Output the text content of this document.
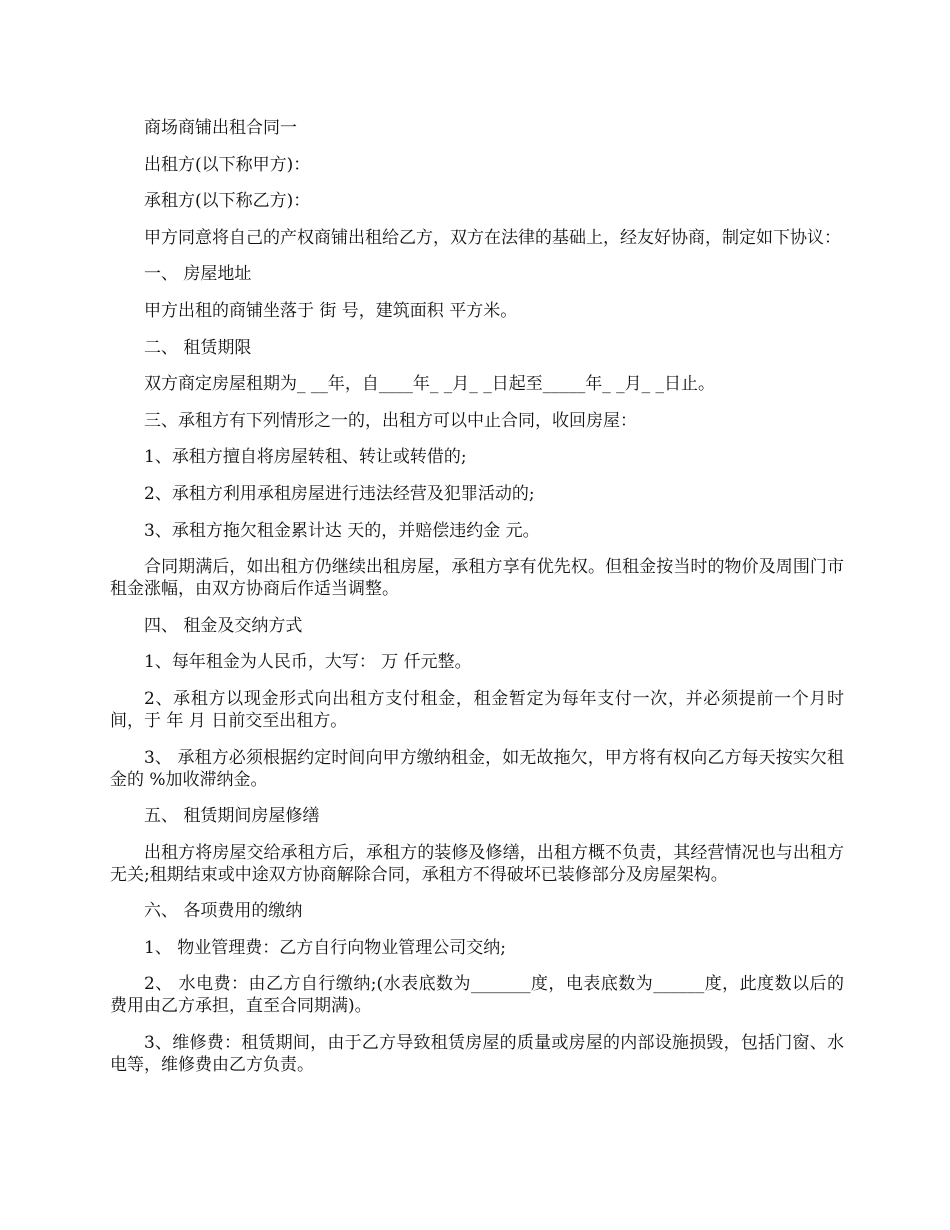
商场商铺出租合同一

出租方(以下称甲方)：

承租方(以下称乙方)：

甲方同意将自己的产权商铺出租给乙方，双方在法律的基础上，经友好协商，制定如下协议：

一、 房屋地址

甲方出租的商铺坐落于 街 号，建筑面积 平方米。

二、 租赁期限

双方商定房屋租期为_ __年，自____年_ _月_ _日起至_____年_ _月_ _日止。

三、承租方有下列情形之一的，出租方可以中止合同，收回房屋：

1、承租方擅自将房屋转租、转让或转借的;

2、承租方利用承租房屋进行违法经营及犯罪活动的;

3、承租方拖欠租金累计达 天的，并赔偿违约金 元。

合同期满后，如出租方仍继续出租房屋，承租方享有优先权。但租金按当时的物价及周围门市租金涨幅，由双方协商后作适当调整。

四、 租金及交纳方式

1、每年租金为人民币，大写： 万 仟元整。

2、承租方以现金形式向出租方支付租金，租金暂定为每年支付一次，并必须提前一个月时间，于 年 月 日前交至出租方。

3、 承租方必须根据约定时间向甲方缴纳租金，如无故拖欠，甲方将有权向乙方每天按实欠租金的 %加收滞纳金。

五、 租赁期间房屋修缮

出租方将房屋交给承租方后，承租方的装修及修缮，出租方概不负责，其经营情况也与出租方无关;租期结束或中途双方协商解除合同，承租方不得破坏已装修部分及房屋架构。

六、 各项费用的缴纳

1、 物业管理费：乙方自行向物业管理公司交纳;

2、 水电费：由乙方自行缴纳;(水表底数为_______度，电表底数为______度，此度数以后的费用由乙方承担，直至合同期满)。

3、维修费：租赁期间，由于乙方导致租赁房屋的质量或房屋的内部设施损毁，包括门窗、水电等，维修费由乙方负责。
